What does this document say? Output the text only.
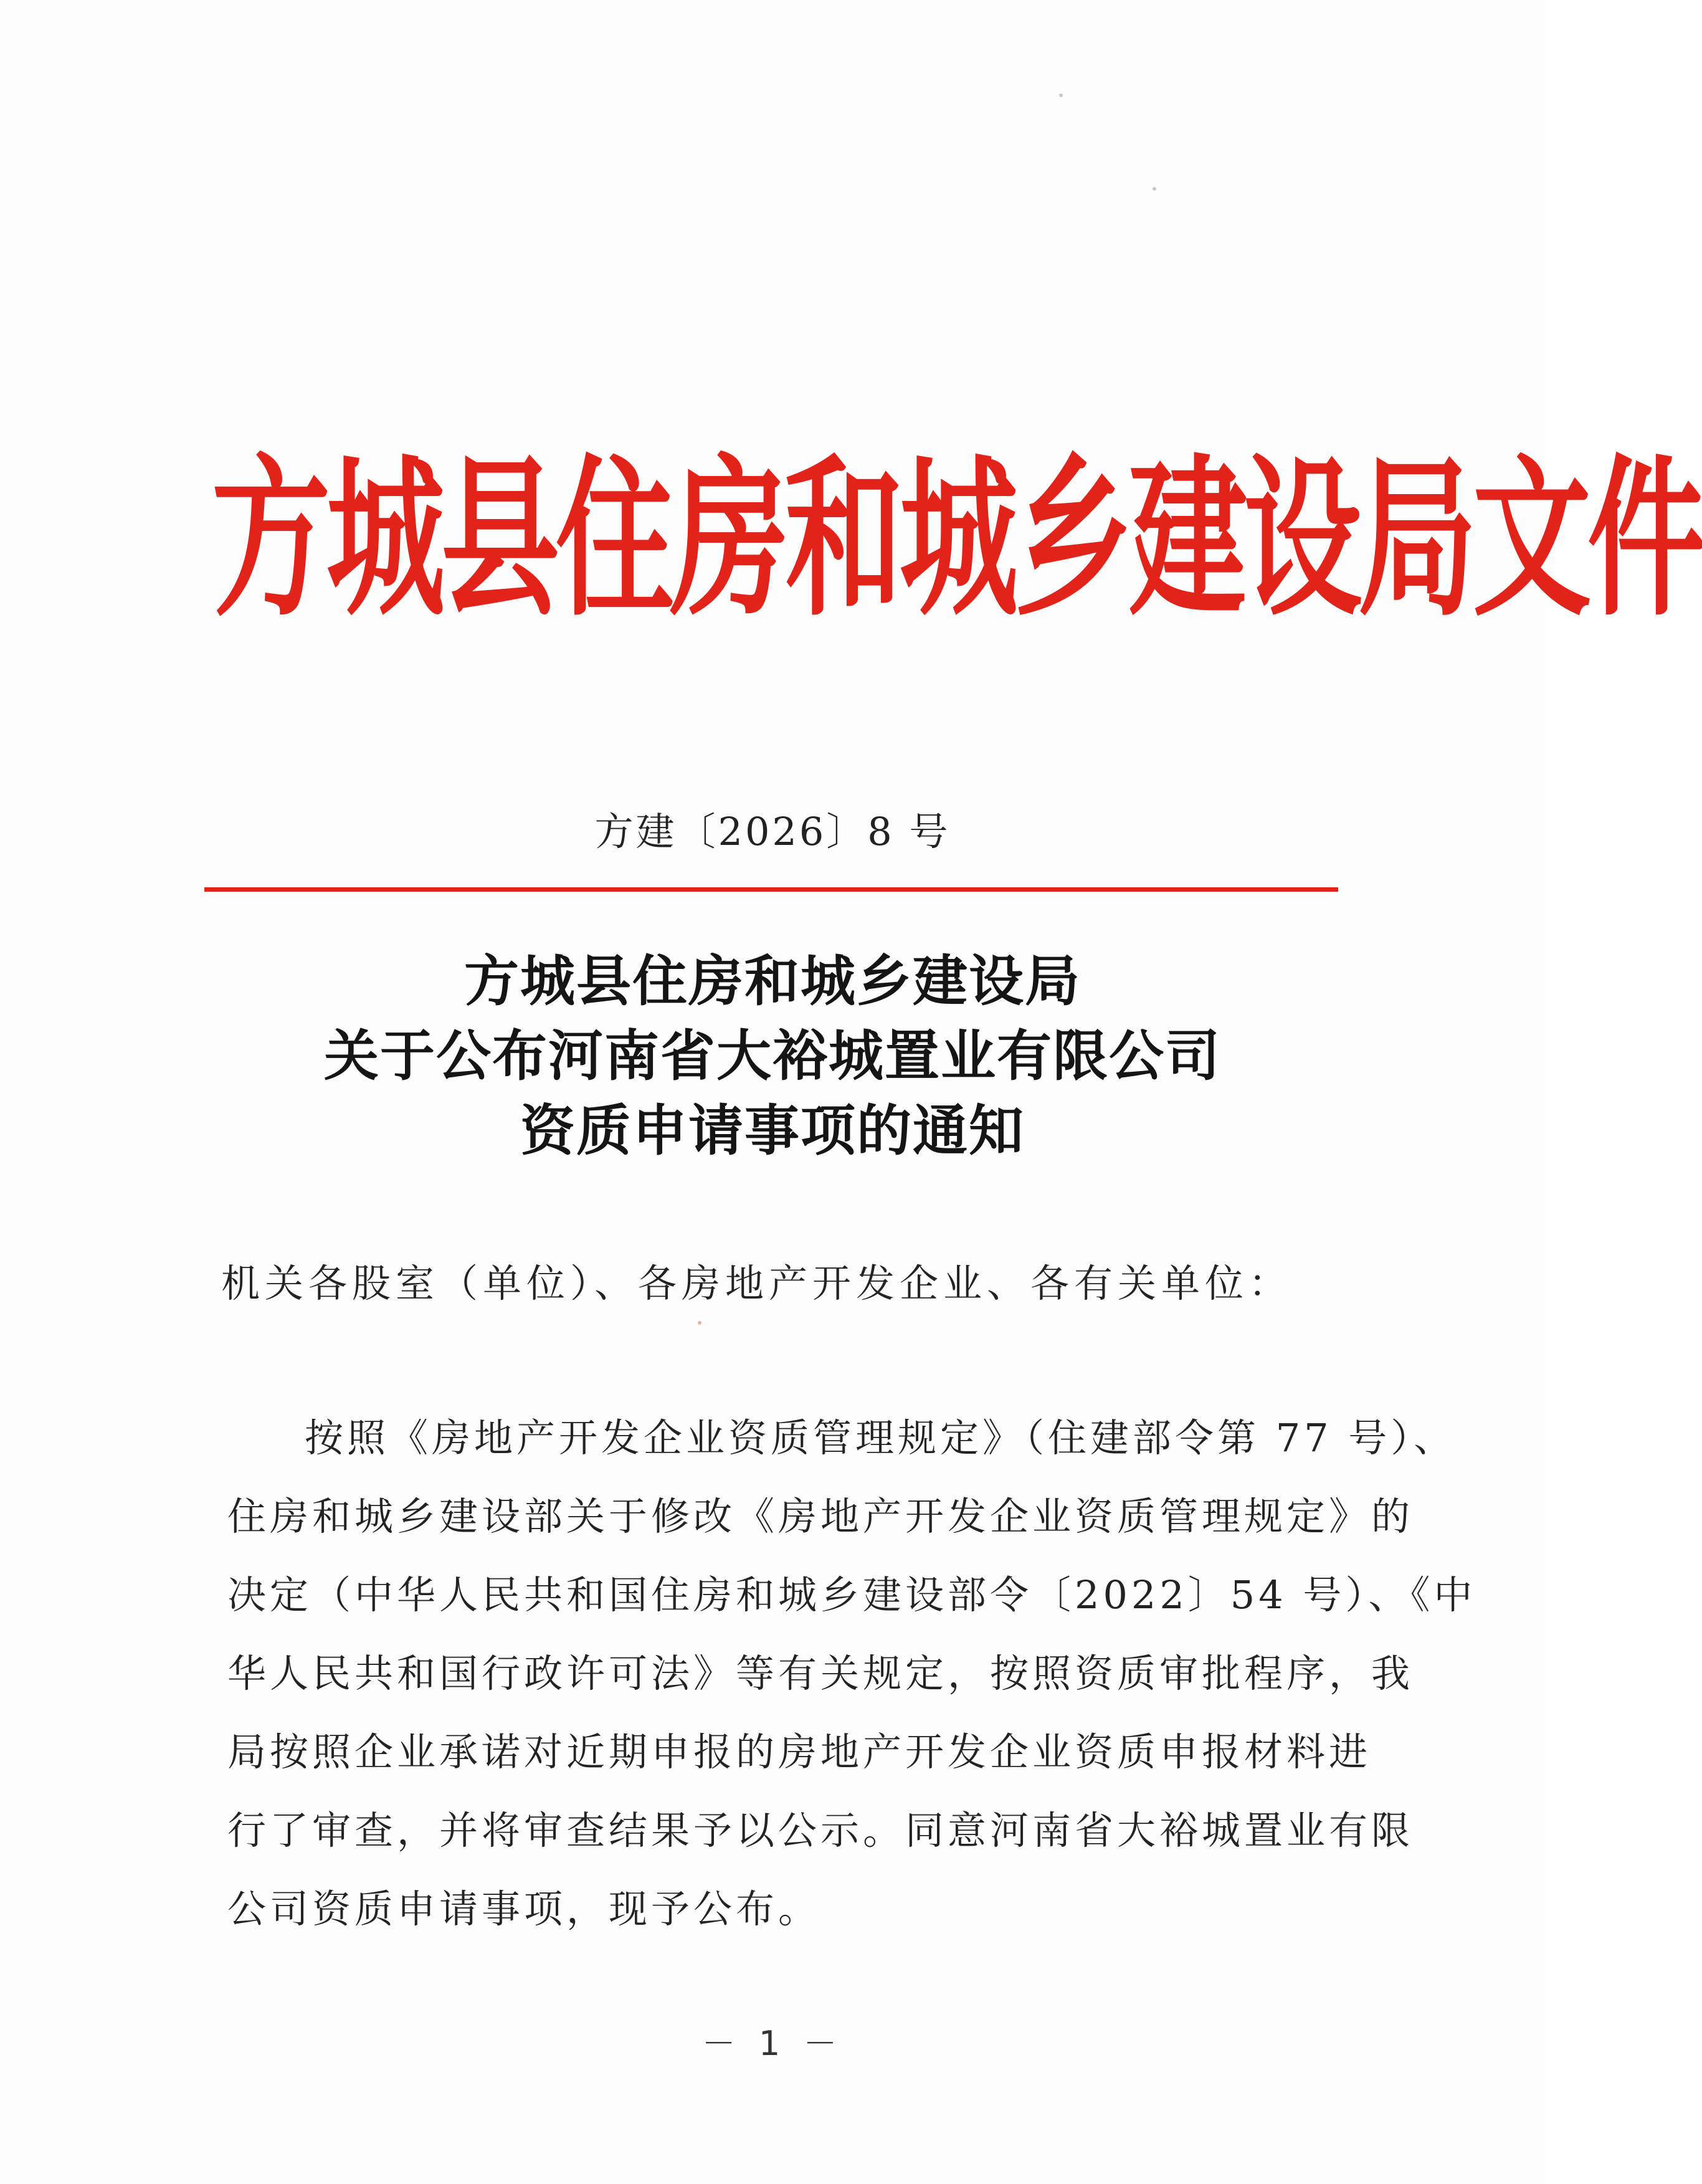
方城县住房和城乡建设局文件
方建〔2026〕8 号
方城县住房和城乡建设局
关于公布河南省大裕城置业有限公司
资质申请事项的通知
机关各股室（单位）、各房地产开发企业、各有关单位：
按照《房地产开发企业资质管理规定》（住建部令第 77 号）、
住房和城乡建设部关于修改《房地产开发企业资质管理规定》的
决定（中华人民共和国住房和城乡建设部令〔2022〕54 号）、《中
华人民共和国行政许可法》等有关规定，按照资质审批程序，我
局按照企业承诺对近期申报的房地产开发企业资质申报材料进
行了审查，并将审查结果予以公示。同意河南省大裕城置业有限
公司资质申请事项，现予公布。
－ 1 －
